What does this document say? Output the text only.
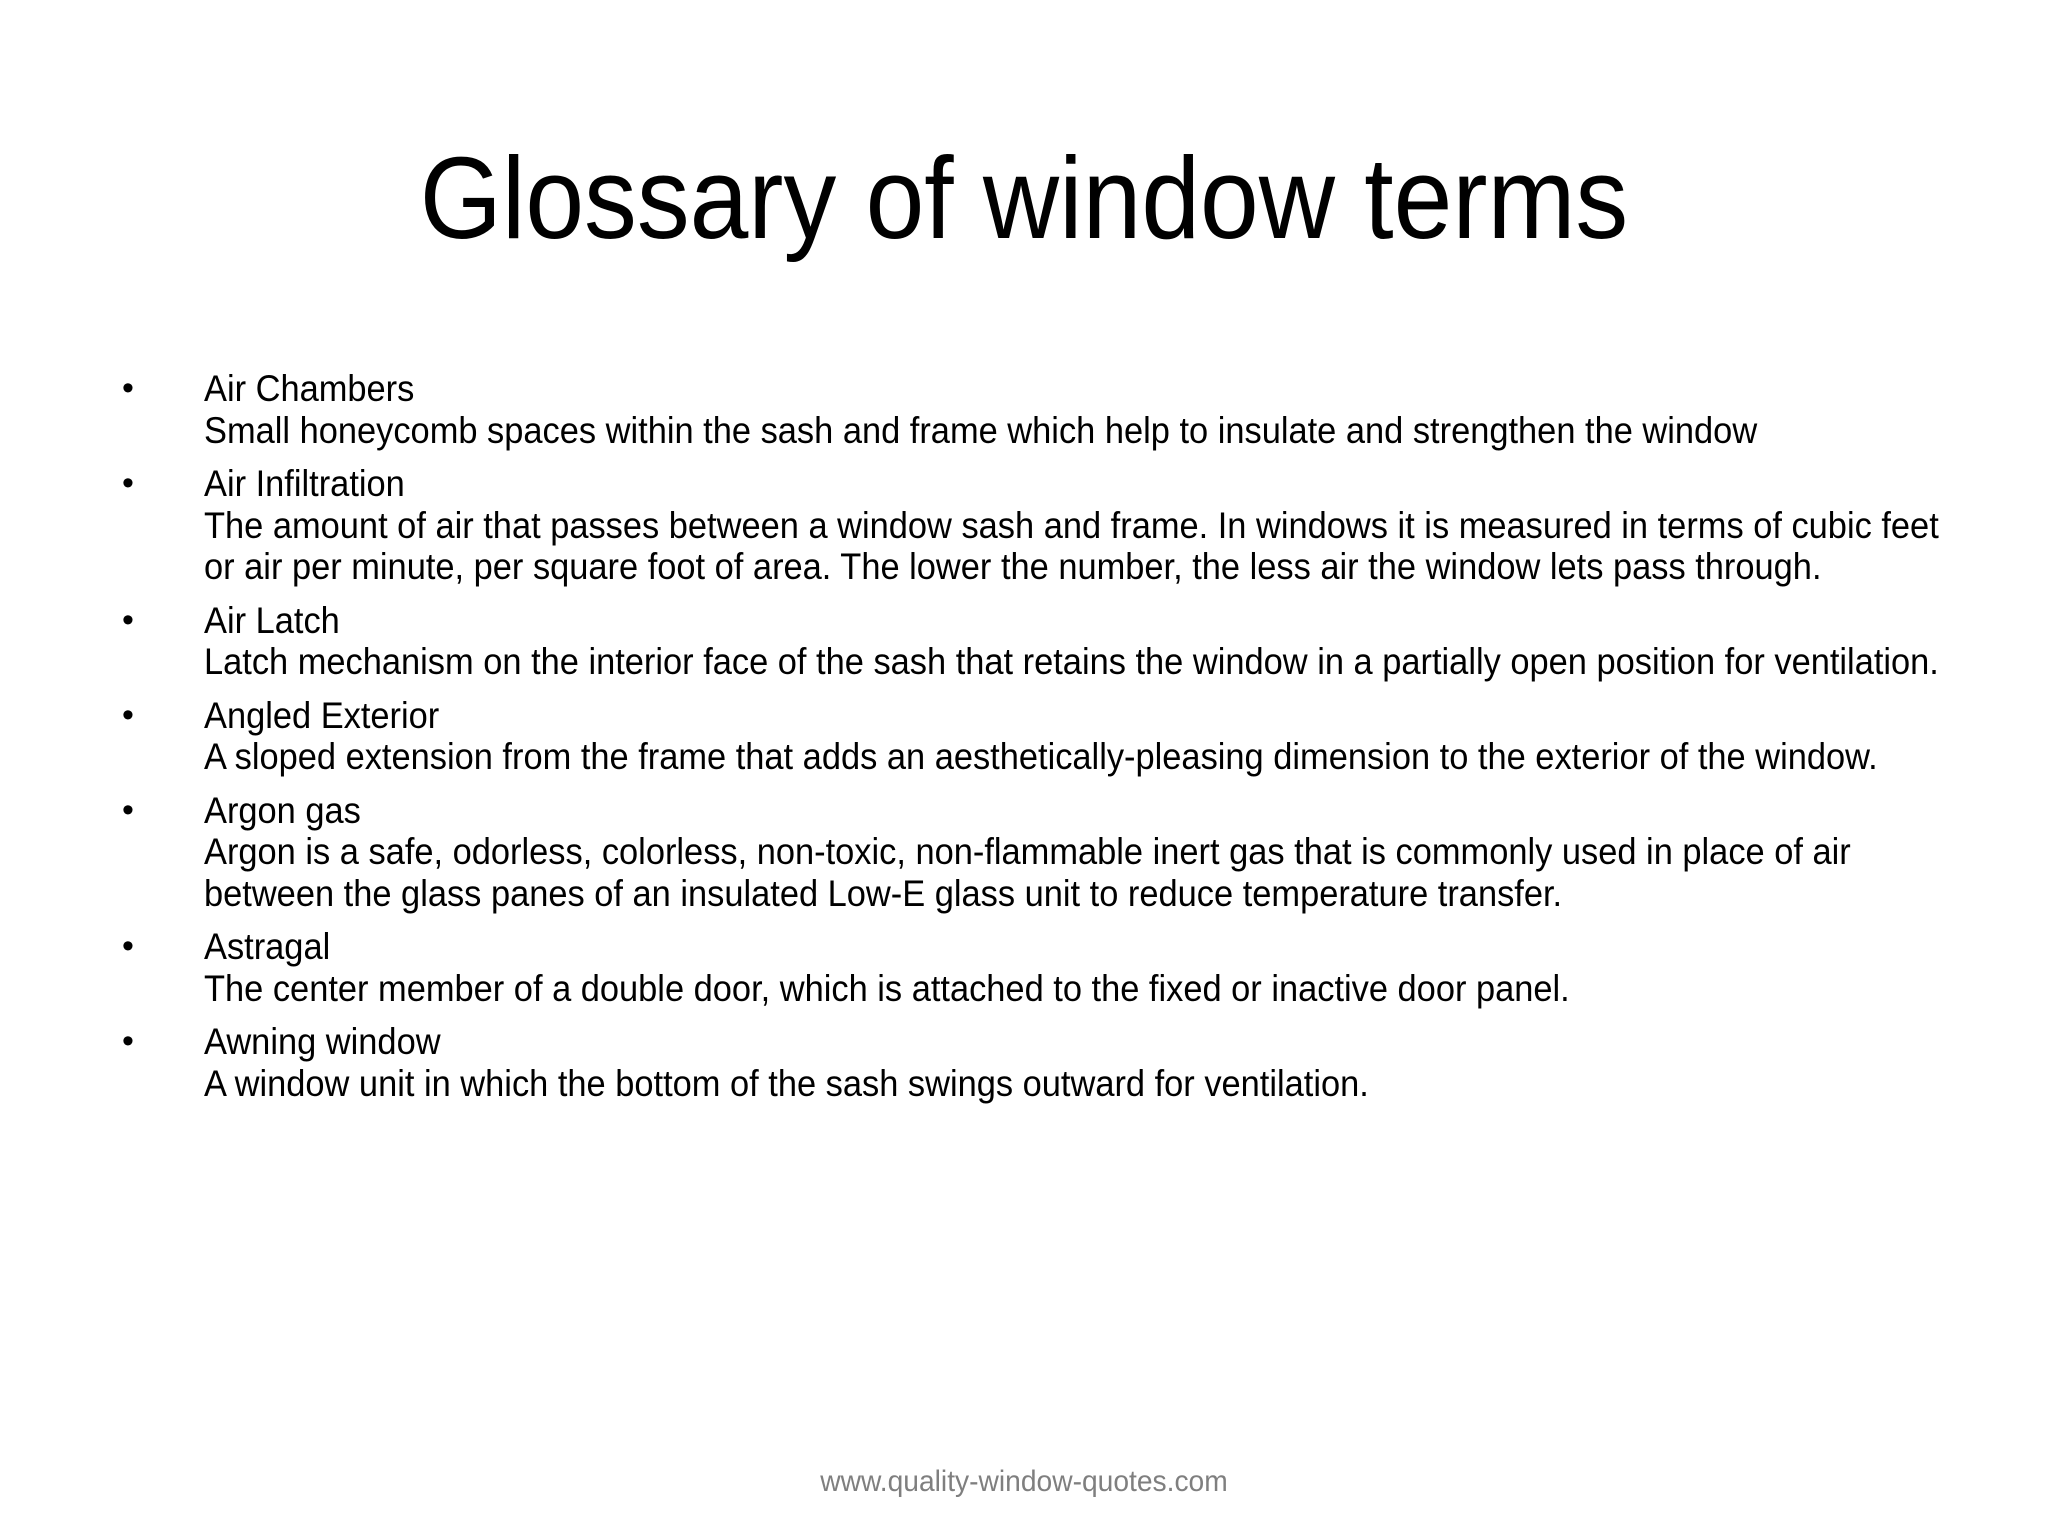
Glossary of window terms
•	Air Chambers
Small honeycomb spaces within the sash and frame which help to insulate and strengthen the window
•	Air Infiltration
The amount of air that passes between a window sash and frame. In windows it is measured in terms of cubic feet or air per minute, per square foot of area. The lower the number, the less air the window lets pass through.
•	Air Latch
Latch mechanism on the interior face of the sash that retains the window in a partially open position for ventilation.
•	Angled Exterior
A sloped extension from the frame that adds an aesthetically-pleasing dimension to the exterior of the window.
•	Argon gas
Argon is a safe, odorless, colorless, non-toxic, non-flammable inert gas that is commonly used in place of air between the glass panes of an insulated Low-E glass unit to reduce temperature transfer.
•	Astragal
The center member of a double door, which is attached to the fixed or inactive door panel.
•	Awning window
A window unit in which the bottom of the sash swings outward for ventilation.
www.quality-window-quotes.com
